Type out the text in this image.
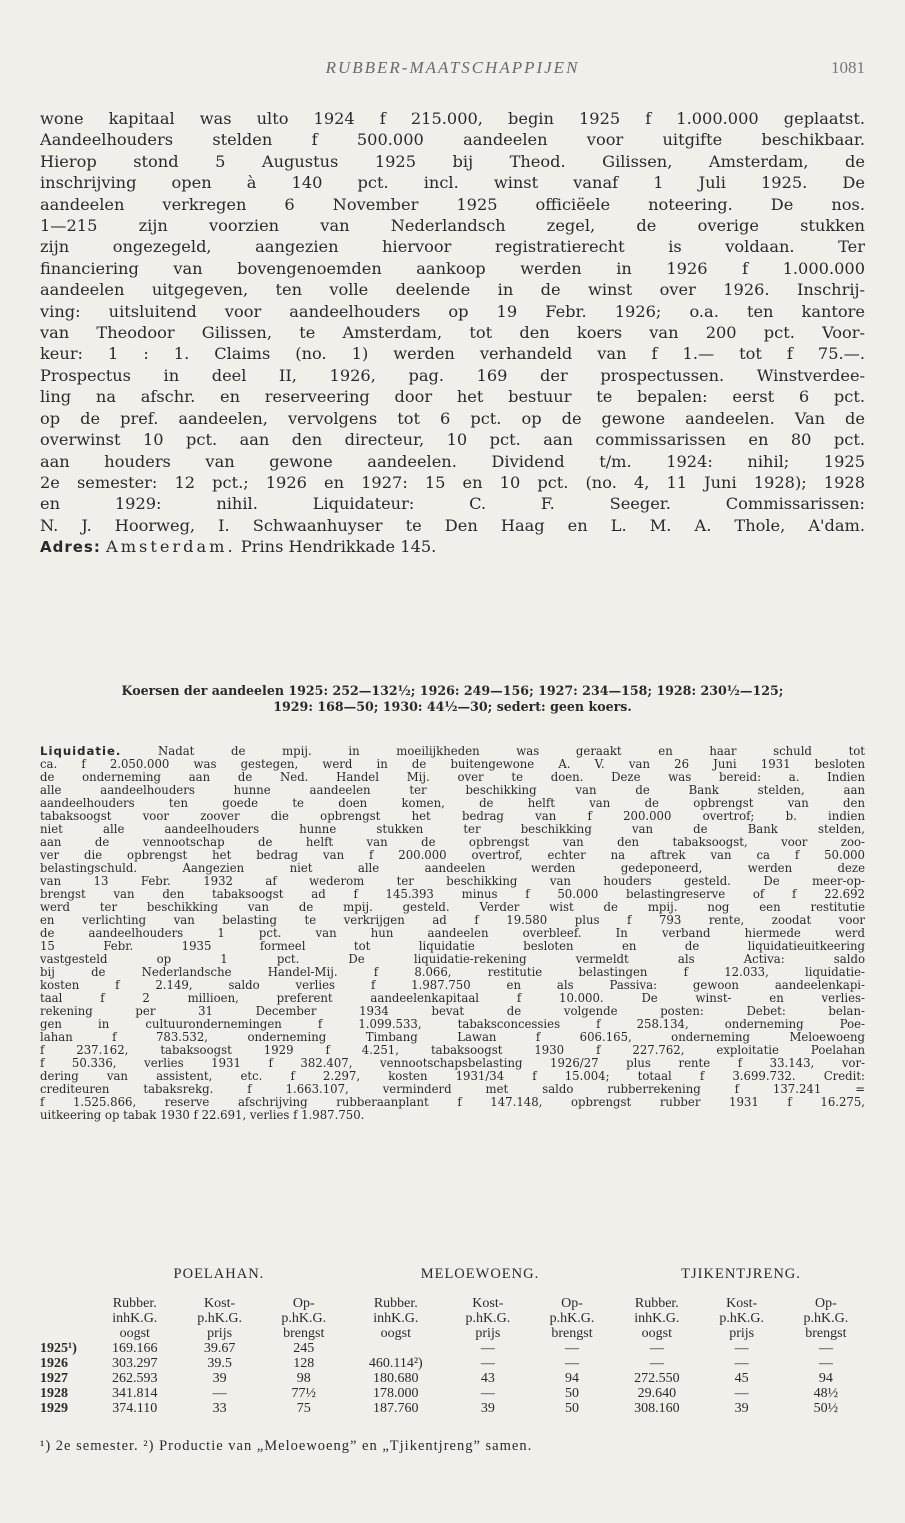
RUBBER-MAATSCHAPPIJEN	1081
wone kapitaal was ulto 1924 f 215.000, begin 1925 f 1.000.000 geplaatst.
Aandeelhouders stelden f 500.000 aandeelen voor uitgifte beschikbaar.
Hierop stond 5 Augustus 1925 bij Theod. Gilissen, Amsterdam, de
inschrijving open à 140 pct. incl. winst vanaf 1 Juli 1925. De
aandeelen verkregen 6 November 1925 officiëele noteering. De nos.
1—215 zijn voorzien van Nederlandsch zegel, de overige stukken
zijn ongezegeld, aangezien hiervoor registratierecht is voldaan. Ter
financiering van bovengenoemden aankoop werden in 1926 f 1.000.000
aandeelen uitgegeven, ten volle deelende in de winst over 1926. Inschrij-
ving: uitsluitend voor aandeelhouders op 19 Febr. 1926; o.a. ten kantore
van Theodoor Gilissen, te Amsterdam, tot den koers van 200 pct. Voor-
keur: 1 : 1. Claims (no. 1) werden verhandeld van f 1.— tot f 75.—.
Prospectus in deel II, 1926, pag. 169 der prospectussen. Winstverdee-
ling na afschr. en reserveering door het bestuur te bepalen: eerst 6 pct.
op de pref. aandeelen, vervolgens tot 6 pct. op de gewone aandeelen. Van de
overwinst 10 pct. aan den directeur, 10 pct. aan commissarissen en 80 pct.
aan houders van gewone aandeelen. Dividend t/m. 1924: nihil; 1925
2e semester: 12 pct.; 1926 en 1927: 15 en 10 pct. (no. 4, 11 Juni 1928); 1928
en 1929: nihil. Liquidateur: C. F. Seeger. Commissarissen:
N. J. Hoorweg, I. Schwaanhuyser te Den Haag en L. M. A. Thole, A'dam.
Adres: Amsterdam. Prins Hendrikkade 145.
Koersen der aandeelen 1925: 252—132½; 1926: 249—156; 1927: 234—158; 1928: 230½—125;
1929: 168—50; 1930: 44½—30; sedert: geen koers.
Liquidatie.	Nadat de mpij. in moeilijkheden was geraakt en haar schuld tot
ca. f 2.050.000 was gestegen, werd in de buitengewone A. V. van 26 Juni 1931 besloten
de onderneming aan de Ned. Handel Mij. over te doen. Deze was bereid: a. Indien
alle aandeelhouders hunne aandeelen ter beschikking van de Bank stelden, aan
aandeelhouders ten goede te doen komen, de helft van de opbrengst van den
tabaksoogst voor zoover die opbrengst het bedrag van f 200.000 overtrof; b. indien
niet alle aandeelhouders hunne stukken ter beschikking van de Bank stelden,
aan de vennootschap de helft van de opbrengst van den tabaksoogst, voor zoo-
ver die opbrengst het bedrag van f 200.000 overtrof, echter na aftrek van ca f 50.000
belastingschuld. Aangezien niet alle aandeelen werden gedeponeerd, werden deze
van 13 Febr. 1932 af wederom ter beschikking van houders gesteld. De meer-op-
brengst van den tabaksoogst ad f 145.393 minus f 50.000 belastingreserve of f 22.692
werd ter beschikking van de mpij. gesteld. Verder wist de mpij. nog een restitutie
en verlichting van belasting te verkrijgen ad f 19.580 plus f 793 rente, zoodat voor
de aandeelhouders 1 pct. van hun aandeelen overbleef. In verband hiermede werd
15 Febr. 1935 formeel tot liquidatie besloten en de liquidatieuitkeering
vastgesteld op 1 pct. De liquidatie-rekening vermeldt als Activa: saldo
bij de Nederlandsche Handel-Mij. f 8.066, restitutie belastingen f 12.033, liquidatie-
kosten f 2.149, saldo verlies f 1.987.750 en als Passiva: gewoon aandeelenkapi-
taal f 2 millioen, preferent aandeelenkapitaal f 10.000. De winst- en verlies-
rekening per 31 December 1934 bevat de volgende posten: Debet: belan-
gen in cultuurondernemingen f 1.099.533, tabaksconcessies f 258.134, onderneming Poe-
lahan f 783.532, onderneming Timbang Lawan f 606.165, onderneming Meloewoeng
f 237.162, tabaksoogst 1929 f 4.251, tabaksoogst 1930 f 227.762, exploitatie Poelahan
f 50.336, verlies 1931 f 382.407, vennootschapsbelasting 1926/27 plus rente f 33.143, vor-
dering van assistent, etc. f 2.297, kosten 1931/34 f 15.004; totaal f 3.699.732. Credit:
crediteuren tabaksrekg. f 1.663.107, verminderd met saldo rubberrekening f 137.241 =
f 1.525.866, reserve afschrijving rubberaanplant f 147.148, opbrengst rubber 1931 f 16.275,
uitkeering op tabak 1930 f 22.691, verlies f 1.987.750.
	POELAHAN.			MELOEWOENG.			TJIKENTJRENG.		
	Rubber.	Kost-	Op-	Rubber.	Kost-	Op-	Rubber.	Kost-	Op-
	inhK.G.	p.hK.G.	p.hK.G.	inhK.G.	p.hK.G.	p.hK.G.	inhK.G.	p.hK.G.	p.hK.G.
	oogst	prijs	brengst	oogst	prijs	brengst	oogst	prijs	brengst
1925¹)	169.166	39.67	245		—	—	—	—	—
1926	303.297	39.5	128	460.114²)	—	—	—	—	—
1927	262.593	39	98	180.680	43	94	272.550	45	94
1928	341.814	—	77½	178.000	—	50	29.640	—	48½
1929	374.110	33	75	187.760	39	50	308.160	39	50½
¹) 2e semester. ²) Productie van „Meloewoeng” en „Tjikentjreng” samen.
